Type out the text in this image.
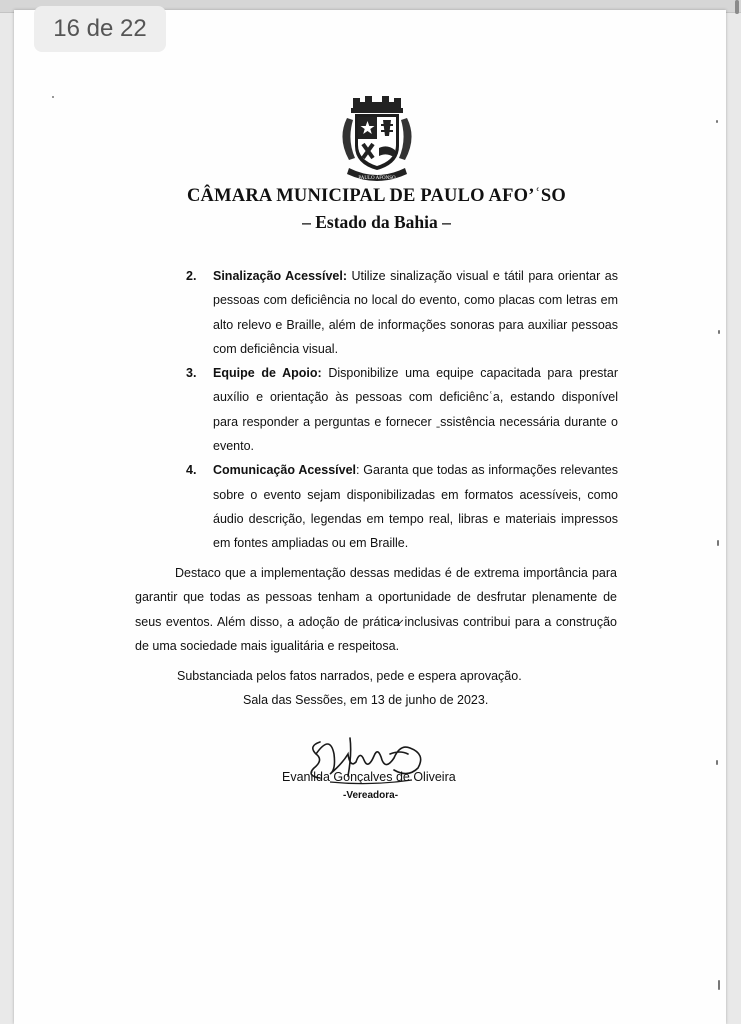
16 de 22
PAULO AFONSO
CÂMARA MUNICIPAL DE PAULO AFO’ʿSO
– Estado da Bahia –
2.	Sinalização Acessível: Utilize sinalização visual e tátil para orientar as pessoas com deficiência no local do evento, como placas com letras em alto relevo e Braille, além de informações sonoras para auxiliar pessoas com deficiência visual.
3.	Equipe de Apoio: Disponibilize uma equipe capacitada para prestar auxílio e orientação às pessoas com deficiêncʿa, estando disponível para responder a perguntas e fornecer ˍssistência necessária durante o evento.
4.	Comunicação Acessível: Garanta que todas as informações relevantes sobre o evento sejam disponibilizadas em formatos acessíveis, como áudio descrição, legendas em tempo real, libras e materiais impressos em fontes ampliadas ou em Braille.
Destaco que a implementação dessas medidas é de extrema importância para garantir que todas as pessoas tenham a oportunidade de desfrutar plenamente de seus eventos. Além disso, a adoção de prática̷ inclusivas contribui para a construção de uma sociedade mais igualitária e respeitosa.
Substanciada pelos fatos narrados, pede e espera aprovação.
Sala das Sessões, em 13 de junho de 2023.
Evanilda Gonçalves de Oliveira
-Vereadora-
